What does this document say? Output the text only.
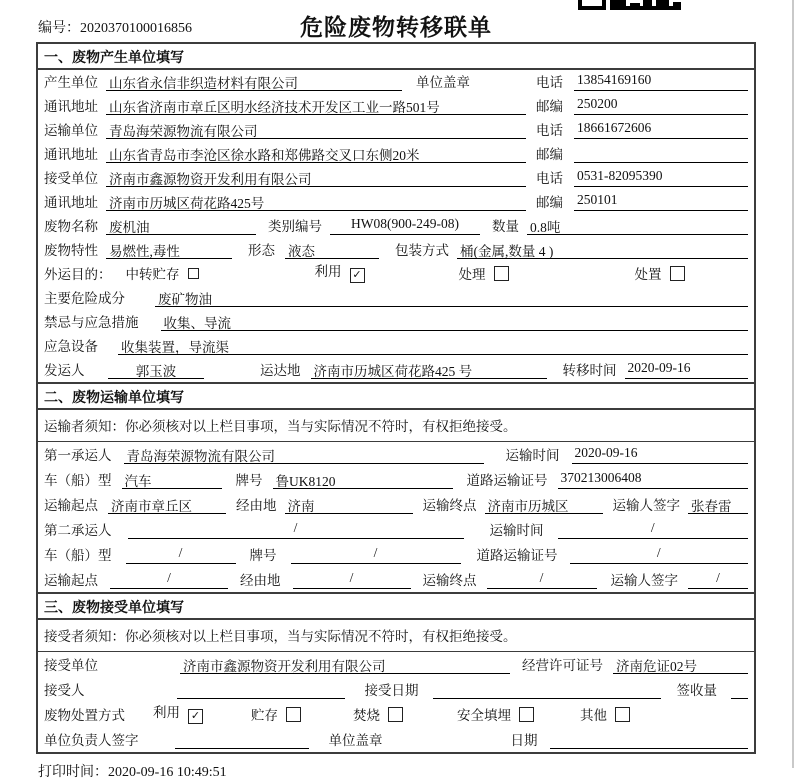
编号：2020370100016856	危险废物转移联单
一、废物产生单位填写
产生单位 山东省永信非织造材料有限公司	单位盖章	电话	13854169160
通讯地址 山东省济南市章丘区明水经济技术开发区工业一路501号	邮编	250200
运输单位 青岛海荣源物流有限公司	电话	18661672606
通讯地址 山东省青岛市李沧区徐水路和郑佛路交叉口东侧20米	邮编
接受单位 济南市鑫源物资开发利用有限公司	电话	0531-82095390
通讯地址 济南市历城区荷花路425号	邮编	250101
废物名称 废机油	类别编号	HW08(900-249-08)	数量 0.8吨
废物特性 易燃性,毒性	形态 液态	包装方式 桶(金属,数量 4 )
外运目的： 中转贮存	利用 ✓	处理	处置
主要危险成分 废矿物油
禁忌与应急措施 收集、导流
应急设备 收集装置，导流渠
发运人	郭玉波	运达地 济南市历城区荷花路425 号	转移时间 2020-09-16
二、废物运输单位填写
运输者须知：你必须核对以上栏目事项，当与实际情况不符时，有权拒绝接受。
第一承运人 青岛海荣源物流有限公司	运输时间 2020-09-16
车（船）型 汽车	牌号 鲁UK8120	道路运输证号 370213006408
运输起点 济南市章丘区	经由地 济南	运输终点 济南市历城区	运输人签字 张春雷
第二承运人	/	运输时间	/
车（船）型	/	牌号	/	道路运输证号	/
运输起点	/	经由地	/	运输终点	/	运输人签字	/
三、废物接受单位填写
接受者须知：你必须核对以上栏目事项，当与实际情况不符时，有权拒绝接受。
接受单位	济南市鑫源物资开发利用有限公司	经营许可证号 济南危证02号
接受人	接受日期	签收量
废物处置方式 利用 ✓	贮存	焚烧	安全填埋	其他
单位负责人签字	单位盖章	日期
打印时间：2020-09-16 10:49:51
